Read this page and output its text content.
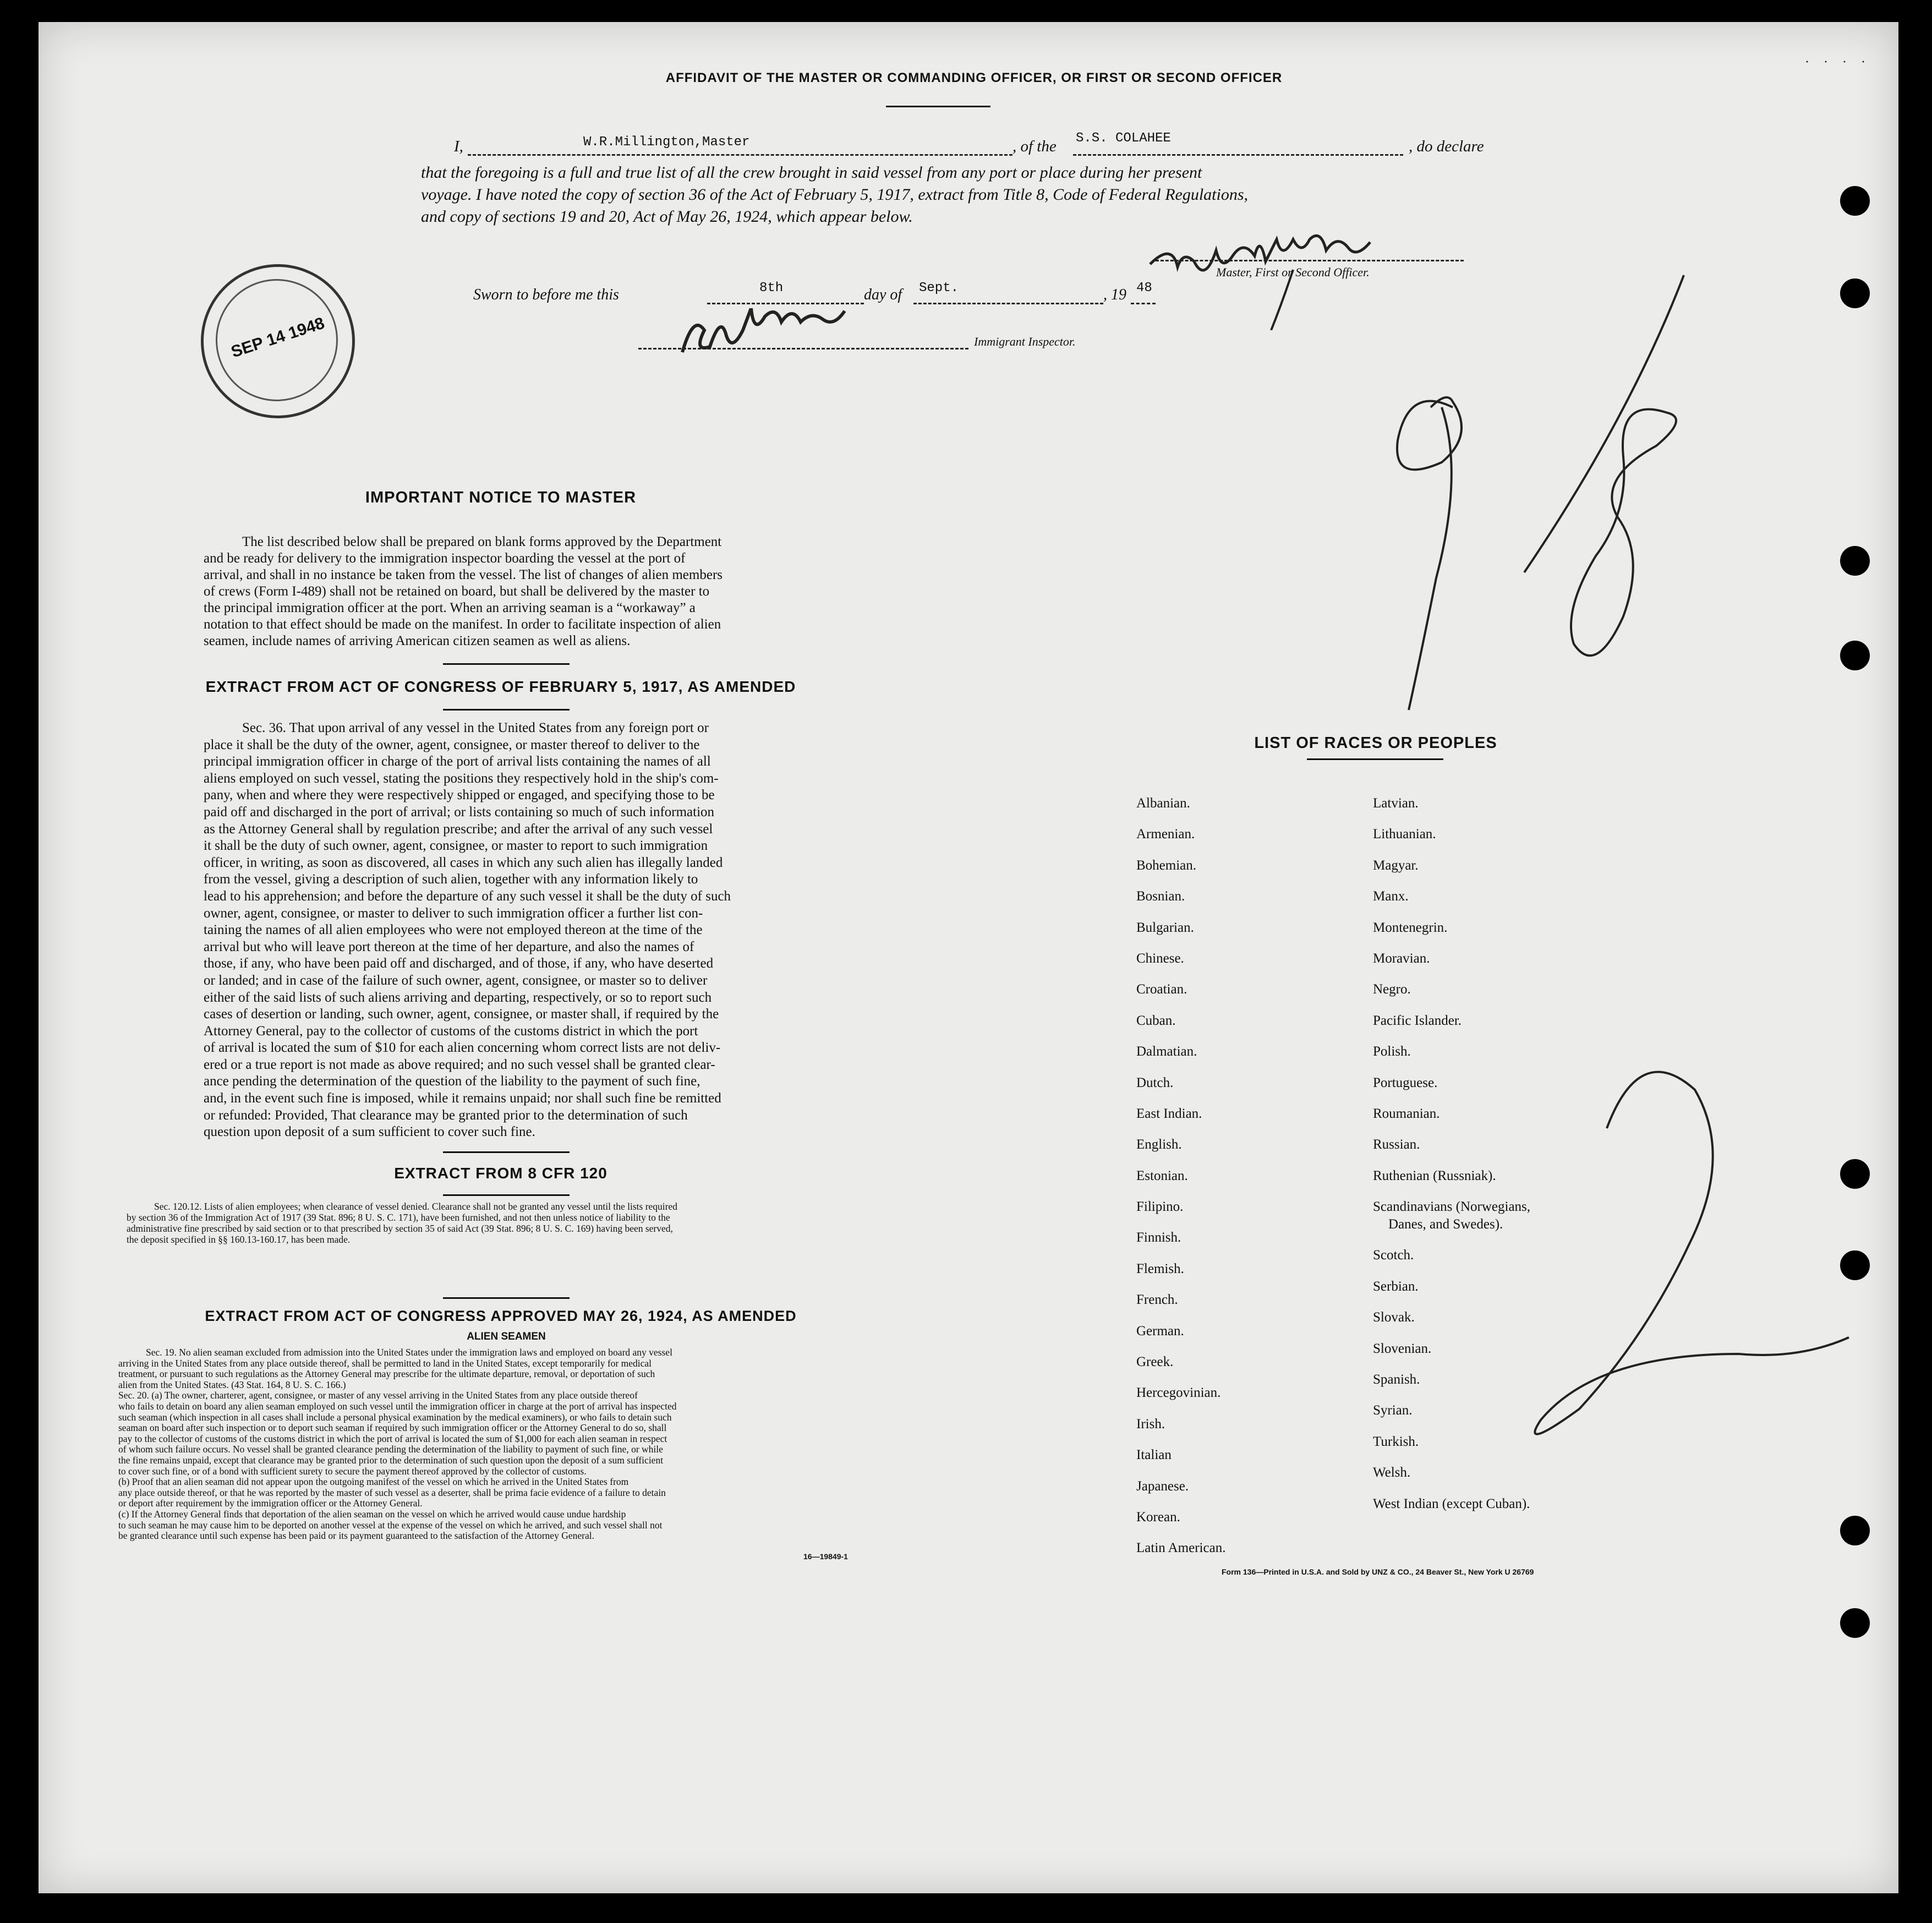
AFFIDAVIT OF THE MASTER OR COMMANDING OFFICER, OR FIRST OR SECOND OFFICER
I,	W.R.Millington,Master	, of the S.S. COLAHEE	, do declare
that the foregoing is a full and true list of all the crew brought in said vessel from any port or place during her present
voyage. I have noted the copy of section 36 of the Act of February 5, 1917, extract from Title 8, Code of Federal Regulations,
and copy of sections 19 and 20, Act of May 26, 1924, which appear below.
Master, First or Second Officer.
Sworn to before me this	8th	day of Sept.	, 19 48
Immigrant Inspector.
SEP 14 1948
IMPORTANT NOTICE TO MASTER
The list described below shall be prepared on blank forms approved by the Department
and be ready for delivery to the immigration inspector boarding the vessel at the port of
arrival, and shall in no instance be taken from the vessel. The list of changes of alien members
of crews (Form I-489) shall not be retained on board, but shall be delivered by the master to
the principal immigration officer at the port. When an arriving seaman is a “workaway” a
notation to that effect should be made on the manifest. In order to facilitate inspection of alien
seamen, include names of arriving American citizen seamen as well as aliens.
EXTRACT FROM ACT OF CONGRESS OF FEBRUARY 5, 1917, AS AMENDED
Sec. 36. That upon arrival of any vessel in the United States from any foreign port or
place it shall be the duty of the owner, agent, consignee, or master thereof to deliver to the
principal immigration officer in charge of the port of arrival lists containing the names of all
aliens employed on such vessel, stating the positions they respectively hold in the ship's com-
pany, when and where they were respectively shipped or engaged, and specifying those to be
paid off and discharged in the port of arrival; or lists containing so much of such information
as the Attorney General shall by regulation prescribe; and after the arrival of any such vessel
it shall be the duty of such owner, agent, consignee, or master to report to such immigration
officer, in writing, as soon as discovered, all cases in which any such alien has illegally landed
from the vessel, giving a description of such alien, together with any information likely to
lead to his apprehension; and before the departure of any such vessel it shall be the duty of such
owner, agent, consignee, or master to deliver to such immigration officer a further list con-
taining the names of all alien employees who were not employed thereon at the time of the
arrival but who will leave port thereon at the time of her departure, and also the names of
those, if any, who have been paid off and discharged, and of those, if any, who have deserted
or landed; and in case of the failure of such owner, agent, consignee, or master so to deliver
either of the said lists of such aliens arriving and departing, respectively, or so to report such
cases of desertion or landing, such owner, agent, consignee, or master shall, if required by the
Attorney General, pay to the collector of customs of the customs district in which the port
of arrival is located the sum of $10 for each alien concerning whom correct lists are not deliv-
ered or a true report is not made as above required; and no such vessel shall be granted clear-
ance pending the determination of the question of the liability to the payment of such fine,
and, in the event such fine is imposed, while it remains unpaid; nor shall such fine be remitted
or refunded: Provided, That clearance may be granted prior to the determination of such
question upon deposit of a sum sufficient to cover such fine.
EXTRACT FROM 8 CFR 120
Sec. 120.12. Lists of alien employees; when clearance of vessel denied. Clearance shall not be granted any vessel until the lists required
by section 36 of the Immigration Act of 1917 (39 Stat. 896; 8 U. S. C. 171), have been furnished, and not then unless notice of liability to the
administrative fine prescribed by said section or to that prescribed by section 35 of said Act (39 Stat. 896; 8 U. S. C. 169) having been served,
the deposit specified in §§ 160.13-160.17, has been made.
EXTRACT FROM ACT OF CONGRESS APPROVED MAY 26, 1924, AS AMENDED
ALIEN SEAMEN
Sec. 19. No alien seaman excluded from admission into the United States under the immigration laws and employed on board any vessel
arriving in the United States from any place outside thereof, shall be permitted to land in the United States, except temporarily for medical
treatment, or pursuant to such regulations as the Attorney General may prescribe for the ultimate departure, removal, or deportation of such
alien from the United States. (43 Stat. 164, 8 U. S. C. 166.)
Sec. 20. (a) The owner, charterer, agent, consignee, or master of any vessel arriving in the United States from any place outside thereof
who fails to detain on board any alien seaman employed on such vessel until the immigration officer in charge at the port of arrival has inspected
such seaman (which inspection in all cases shall include a personal physical examination by the medical examiners), or who fails to detain such
seaman on board after such inspection or to deport such seaman if required by such immigration officer or the Attorney General to do so, shall
pay to the collector of customs of the customs district in which the port of arrival is located the sum of $1,000 for each alien seaman in respect
of whom such failure occurs. No vessel shall be granted clearance pending the determination of the liability to payment of such fine, or while
the fine remains unpaid, except that clearance may be granted prior to the determination of such question upon the deposit of a sum sufficient
to cover such fine, or of a bond with sufficient surety to secure the payment thereof approved by the collector of customs.
(b) Proof that an alien seaman did not appear upon the outgoing manifest of the vessel on which he arrived in the United States from
any place outside thereof, or that he was reported by the master of such vessel as a deserter, shall be prima facie evidence of a failure to detain
or deport after requirement by the immigration officer or the Attorney General.
(c) If the Attorney General finds that deportation of the alien seaman on the vessel on which he arrived would cause undue hardship
to such seaman he may cause him to be deported on another vessel at the expense of the vessel on which he arrived, and such vessel shall not
be granted clearance until such expense has been paid or its payment guaranteed to the satisfaction of the Attorney General.
16—19849-1
LIST OF RACES OR PEOPLES
Albanian.
Armenian.
Bohemian.
Bosnian.
Bulgarian.
Chinese.
Croatian.
Cuban.
Dalmatian.
Dutch.
East Indian.
English.
Estonian.
Filipino.
Finnish.
Flemish.
French.
German.
Greek.
Hercegovinian.
Irish.
Italian
Japanese.
Korean.
Latin American.
Latvian.
Lithuanian.
Magyar.
Manx.
Montenegrin.
Moravian.
Negro.
Pacific Islander.
Polish.
Portuguese.
Roumanian.
Russian.
Ruthenian (Russniak).
Scandinavians (Norwegians,
Danes, and Swedes).
Scotch.
Serbian.
Slovak.
Slovenian.
Spanish.
Syrian.
Turkish.
Welsh.
West Indian (except Cuban).
Form 136—Printed in U.S.A. and Sold by UNZ & CO., 24 Beaver St., New York U 26769
· · · ·
